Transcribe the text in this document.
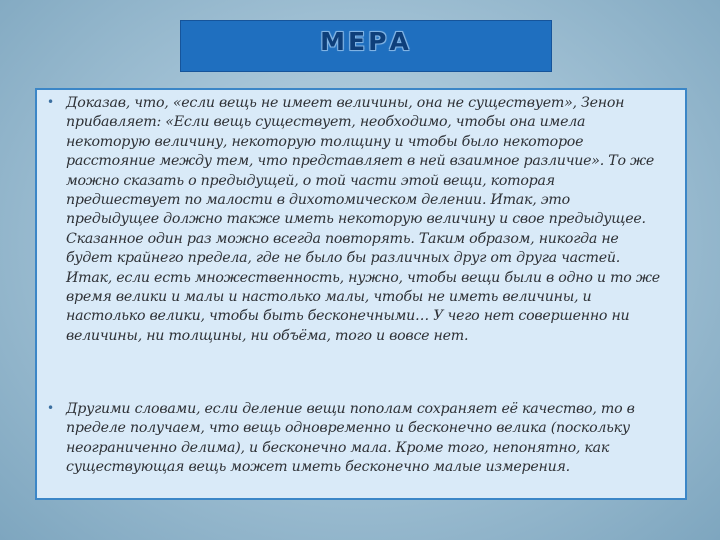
МЕРА

• Доказав, что, «если вещь не имеет величины, она не существует», Зенон прибавляет: «Если вещь существует, необходимо, чтобы она имела некоторую величину, некоторую толщину и чтобы было некоторое расстояние между тем, что представляет в ней взаимное различие». То же можно сказать о предыдущей, о той части этой вещи, которая предшествует по малости в дихотомическом делении. Итак, это предыдущее должно также иметь некоторую величину и свое предыдущее. Сказанное один раз можно всегда повторять. Таким образом, никогда не будет крайнего предела, где не было бы различных друг от друга частей. Итак, если есть множественность, нужно, чтобы вещи были в одно и то же время велики и малы и настолько малы, чтобы не иметь величины, и настолько велики, чтобы быть бесконечными… У чего нет совершенно ни величины, ни толщины, ни объёма, того и вовсе нет.

• Другими словами, если деление вещи пополам сохраняет её качество, то в пределе получаем, что вещь одновременно и бесконечно велика (поскольку неограниченно делима), и бесконечно мала. Кроме того, непонятно, как существующая вещь может иметь бесконечно малые измерения.
